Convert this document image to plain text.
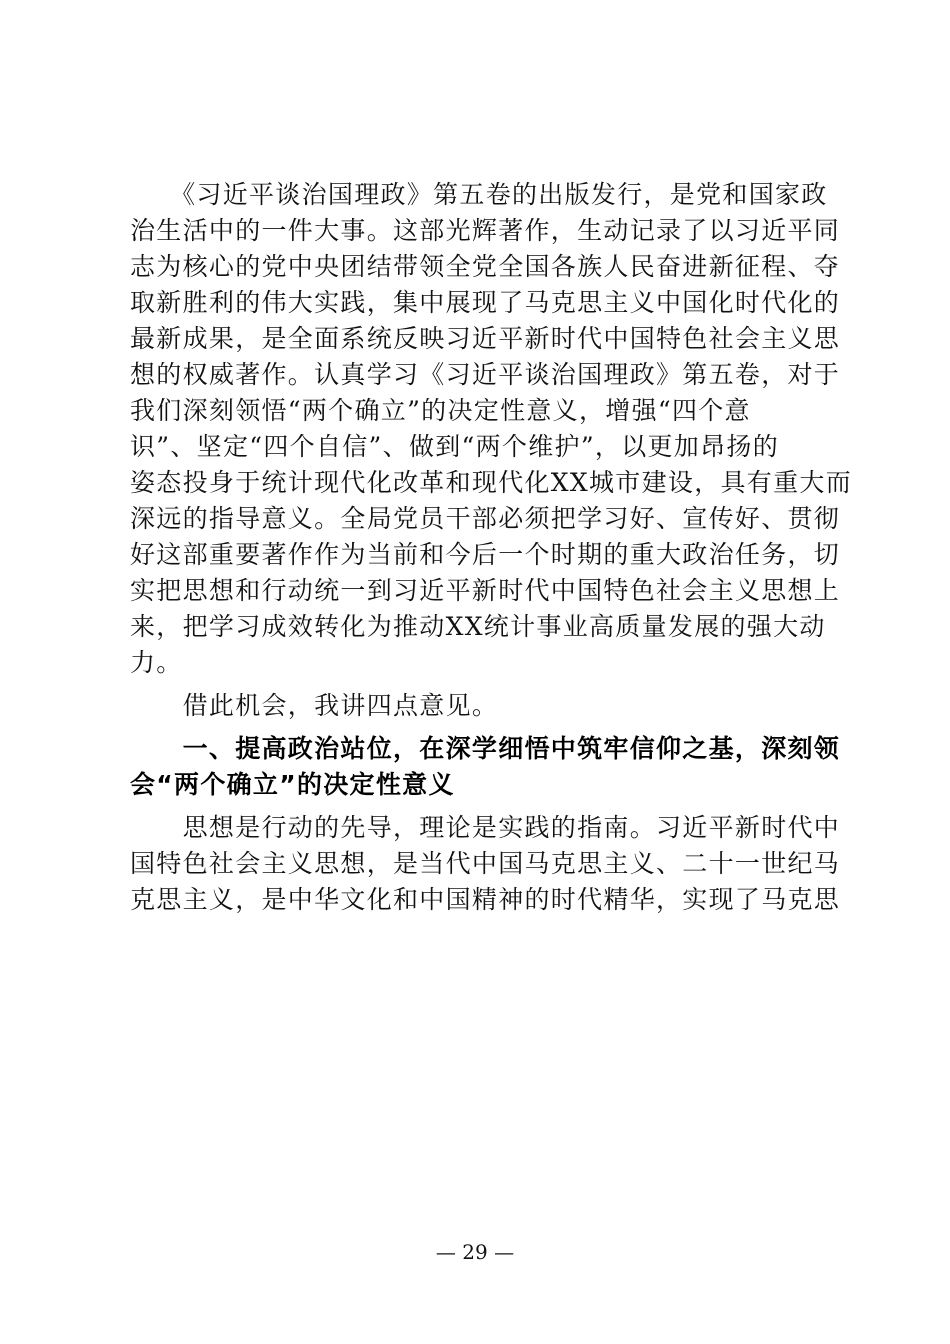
　　《习近平谈治国理政》第五卷的出版发行，是党和国家政
治生活中的一件大事。这部光辉著作，生动记录了以习近平同
志为核心的党中央团结带领全党全国各族人民奋进新征程、夺
取新胜利的伟大实践，集中展现了马克思主义中国化时代化的
最新成果，是全面系统反映习近平新时代中国特色社会主义思
想的权威著作。认真学习《习近平谈治国理政》第五卷，对于
我们深刻领悟“两个确立”的决定性意义，增强“四个意
识”、坚定“四个自信”、做到“两个维护”，以更加昂扬的
姿态投身于统计现代化改革和现代化XX城市建设，具有重大而
深远的指导意义。全局党员干部必须把学习好、宣传好、贯彻
好这部重要著作作为当前和今后一个时期的重大政治任务，切
实把思想和行动统一到习近平新时代中国特色社会主义思想上
来，把学习成效转化为推动XX统计事业高质量发展的强大动
力。
　　借此机会，我讲四点意见。
　　一、提高政治站位，在深学细悟中筑牢信仰之基，深刻领
会“两个确立”的决定性意义
　　思想是行动的先导，理论是实践的指南。习近平新时代中
国特色社会主义思想，是当代中国马克思主义、二十一世纪马
克思主义，是中华文化和中国精神的时代精华，实现了马克思
— 29 —
